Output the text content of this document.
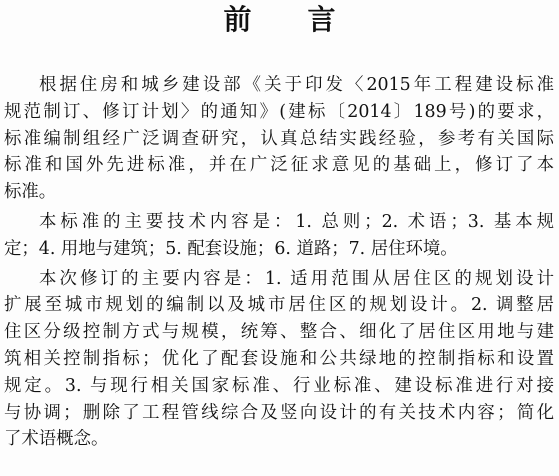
前 言
根据住房和城乡建设部《关于印发〈2015年工程建设标准
规范制订、修订计划〉的通知》(建标〔2014〕189号)的要求，
标准编制组经广泛调查研究，认真总结实践经验，参考有关国际
标准和国外先进标准，并在广泛征求意见的基础上，修订了本
标准。
本标准的主要技术内容是：1. 总则；2. 术语；3. 基本规
定；4. 用地与建筑；5. 配套设施；6. 道路；7. 居住环境。
本次修订的主要内容是：1. 适用范围从居住区的规划设计
扩展至城市规划的编制以及城市居住区的规划设计。2. 调整居
住区分级控制方式与规模，统筹、整合、细化了居住区用地与建
筑相关控制指标；优化了配套设施和公共绿地的控制指标和设置
规定。3. 与现行相关国家标准、行业标准、建设标准进行对接
与协调；删除了工程管线综合及竖向设计的有关技术内容；简化
了术语概念。
